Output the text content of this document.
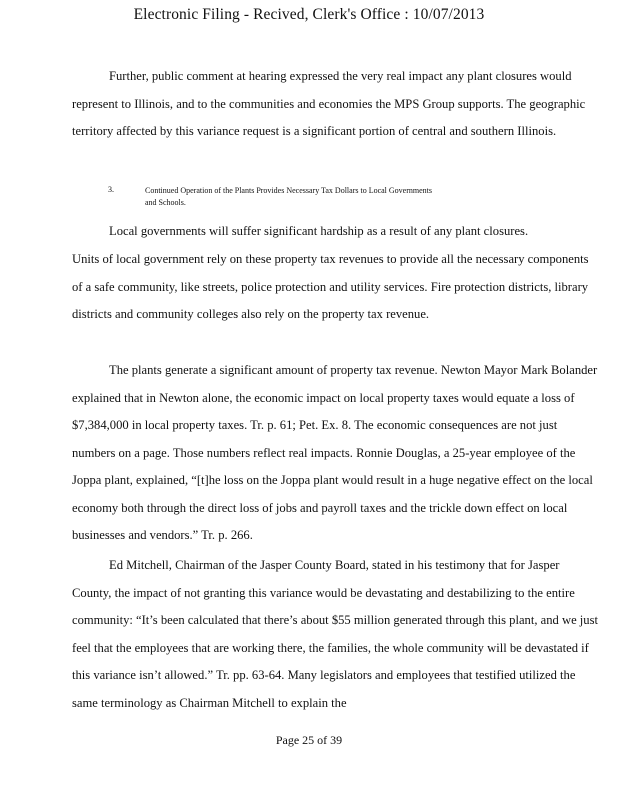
Electronic Filing - Recived, Clerk's Office : 10/07/2013

Further, public comment at hearing expressed the very real impact any plant closures would represent to Illinois, and to the communities and economies the MPS Group supports. The geographic territory affected by this variance request is a significant portion of central and southern Illinois.

3.	Continued Operation of the Plants Provides Necessary Tax Dollars to Local Governments and Schools.

Local governments will suffer significant hardship as a result of any plant closures.

Units of local government rely on these property tax revenues to provide all the necessary components of a safe community, like streets, police protection and utility services. Fire protection districts, library districts and community colleges also rely on the property tax revenue.

The plants generate a significant amount of property tax revenue. Newton Mayor Mark Bolander explained that in Newton alone, the economic impact on local property taxes would equate a loss of $7,384,000 in local property taxes. Tr. p. 61; Pet. Ex. 8. The economic consequences are not just numbers on a page. Those numbers reflect real impacts. Ronnie Douglas, a 25-year employee of the Joppa plant, explained, “[t]he loss on the Joppa plant would result in a huge negative effect on the local economy both through the direct loss of jobs and payroll taxes and the trickle down effect on local businesses and vendors.” Tr. p. 266.

Ed Mitchell, Chairman of the Jasper County Board, stated in his testimony that for Jasper County, the impact of not granting this variance would be devastating and destabilizing to the entire community: “It’s been calculated that there’s about $55 million generated through this plant, and we just feel that the employees that are working there, the families, the whole community will be devastated if this variance isn’t allowed.” Tr. pp. 63-64. Many legislators and employees that testified utilized the same terminology as Chairman Mitchell to explain the

Page 25 of 39
